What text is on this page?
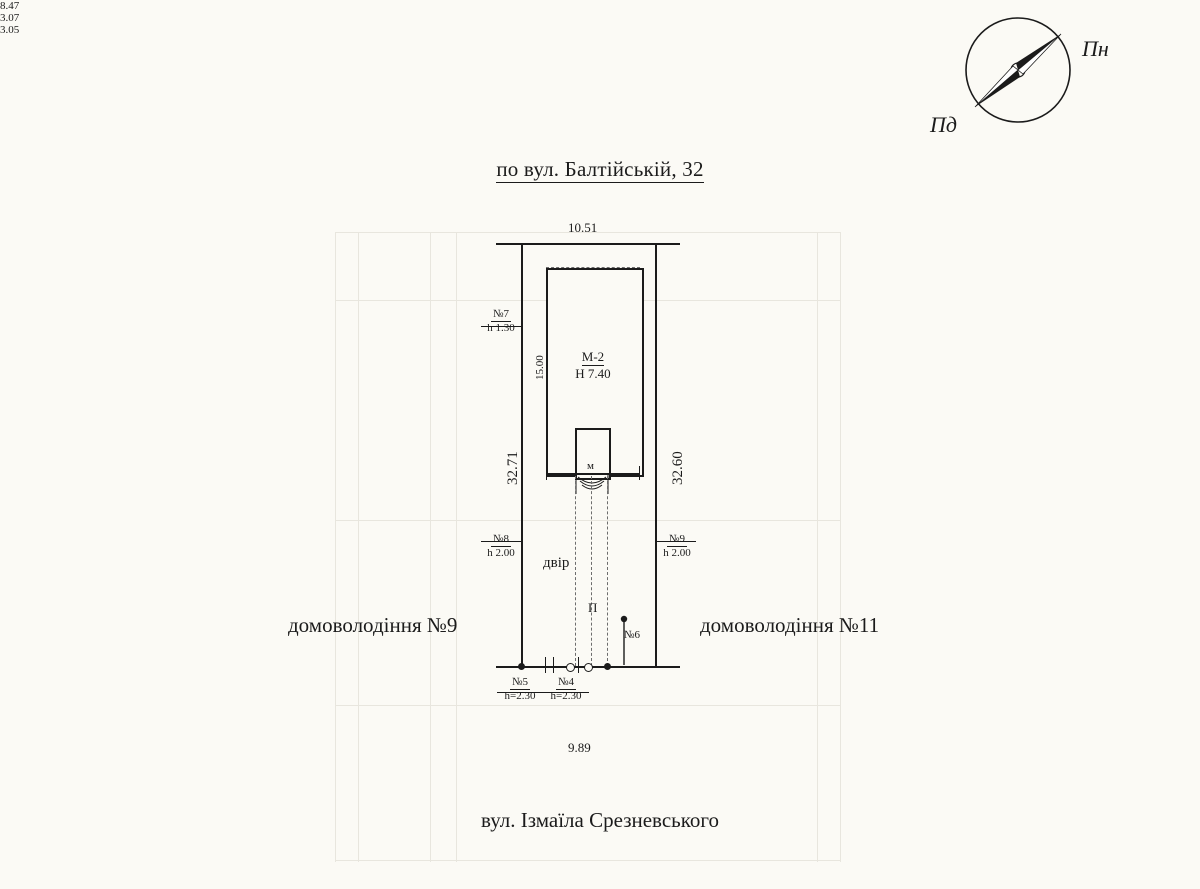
Пн
Пд
по вул. Балтійській, 32
10.51
32.71	32.60
9.89
8.47
15.00	М-2
Н 7.40
м
3.07
3.05
П
двір
№7
h 1.30
№8
h 2.00
№9
h 2.00
№5
h=2.30
№4
h=2.30
№6
домоволодіння №9	домоволодіння №11
вул. Ізмаїла Срезневського
